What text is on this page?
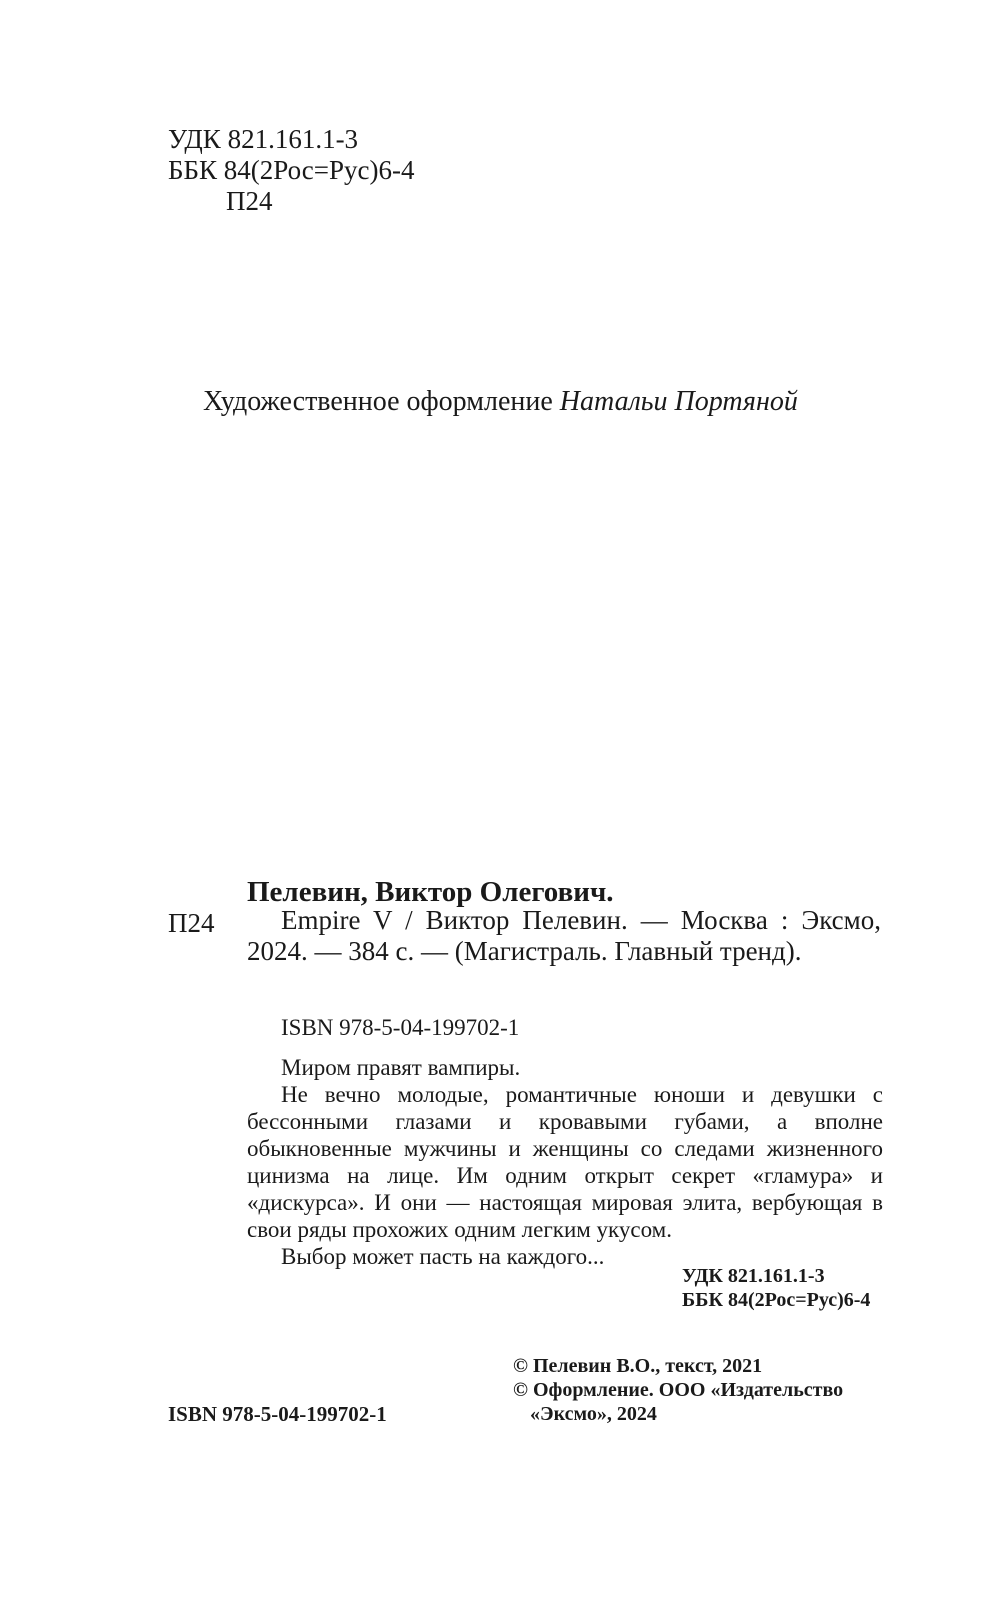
УДК 821.161.1-3
ББК 84(2Рос=Рус)6-4
П24
Художественное оформление Натальи Портяной
Пелевин, Виктор Олегович.
П24	Empire V / Виктор Пелевин. — Москва : Эксмо, 2024. — 384 с. — (Магистраль. Главный тренд).
ISBN 978-5-04-199702-1

Миром правят вампиры.

Не вечно молодые, романтичные юноши и девушки с бессонными глазами и кровавыми губами, а вполне обыкновенные мужчины и женщины со следами жизненного цинизма на лице. Им одним открыт секрет «гламура» и «дискурса». И они — настоящая мировая элита, вербующая в свои ряды прохожих одним легким укусом.

Выбор может пасть на каждого...

УДК 821.161.1-3
ББК 84(2Рос=Рус)6-4
ISBN 978-5-04-199702-1
© Пелевин В.О., текст, 2021
© Оформление. ООО «Издательство
«Эксмо», 2024
